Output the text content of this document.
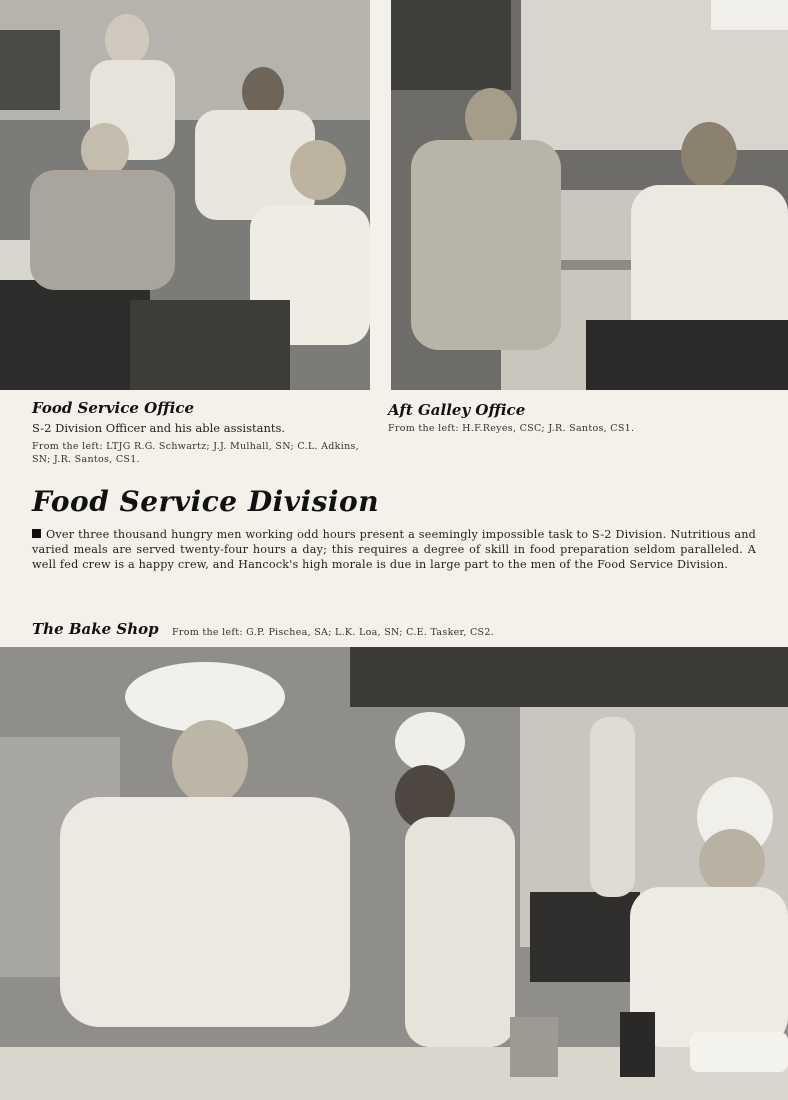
Food Service Office

S-2 Division Officer and his able assistants.

From the left: LTJG R.G. Schwartz; J.J. Mulhall, SN; C.L. Adkins, SN; J.R. Santos, CS1.

Aft Galley Office

From the left: H.F.Reyes, CSC; J.R. Santos, CS1.

Food Service Division

Over three thousand hungry men working odd hours present a seemingly impossible task to S-2 Division. Nutritious and varied meals are served twenty-four hours a day; this requires a degree of skill in food preparation seldom paralleled. A well fed crew is a happy crew, and Hancock's high morale is due in large part to the men of the Food Service Division.

The Bake Shop From the left: G.P. Pischea, SA; L.K. Loa, SN; C.E. Tasker, CS2.
